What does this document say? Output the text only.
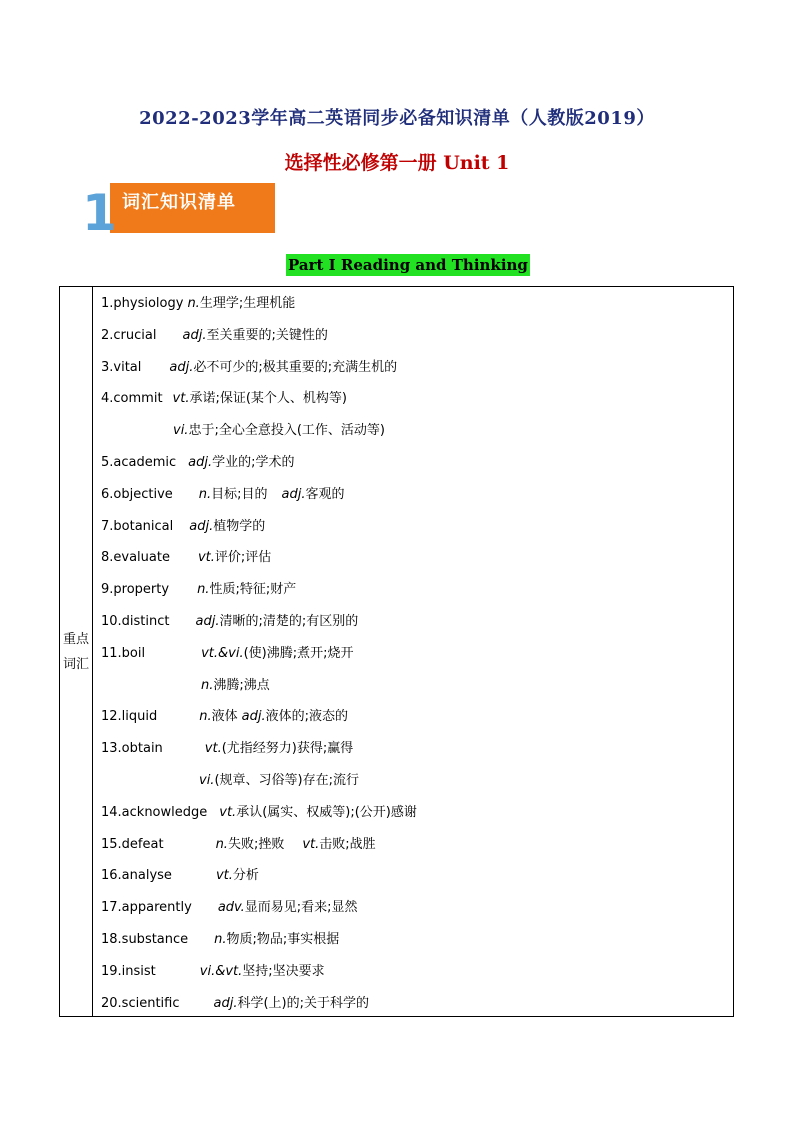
2022-2023学年高二英语同步必备知识清单（人教版2019）
选择性必修第一册 Unit 1
1 词汇知识清单
Part I Reading and Thinking
重点
词汇
1.physiology n.生理学;生理机能
2.crucial adj.至关重要的;关键性的
3.vital adj.必不可少的;极其重要的;充满生机的
4.commit vt.承诺;保证(某个人、机构等)
vi.忠于;全心全意投入(工作、活动等)
5.academic adj.学业的;学术的
6.objective n.目标;目的 adj.客观的
7.botanical adj.植物学的
8.evaluate vt.评价;评估
9.property n.性质;特征;财产
10.distinct adj.清晰的;清楚的;有区别的
11.boil	vt.&vi.(使)沸腾;煮开;烧开
n.沸腾;沸点
12.liquid	n.液体 adj.液体的;液态的
13.obtain	vt.(尤指经努力)获得;赢得
vi.(规章、习俗等)存在;流行
14.acknowledge vt.承认(属实、权威等);(公开)感谢
15.defeat	n.失败;挫败 vt.击败;战胜
16.analyse	vt.分析
17.apparently adv.显而易见;看来;显然
18.substance n.物质;物品;事实根据
19.insist	vi.&vt.坚持;坚决要求
20.scientific	adj.科学(上)的;关于科学的
